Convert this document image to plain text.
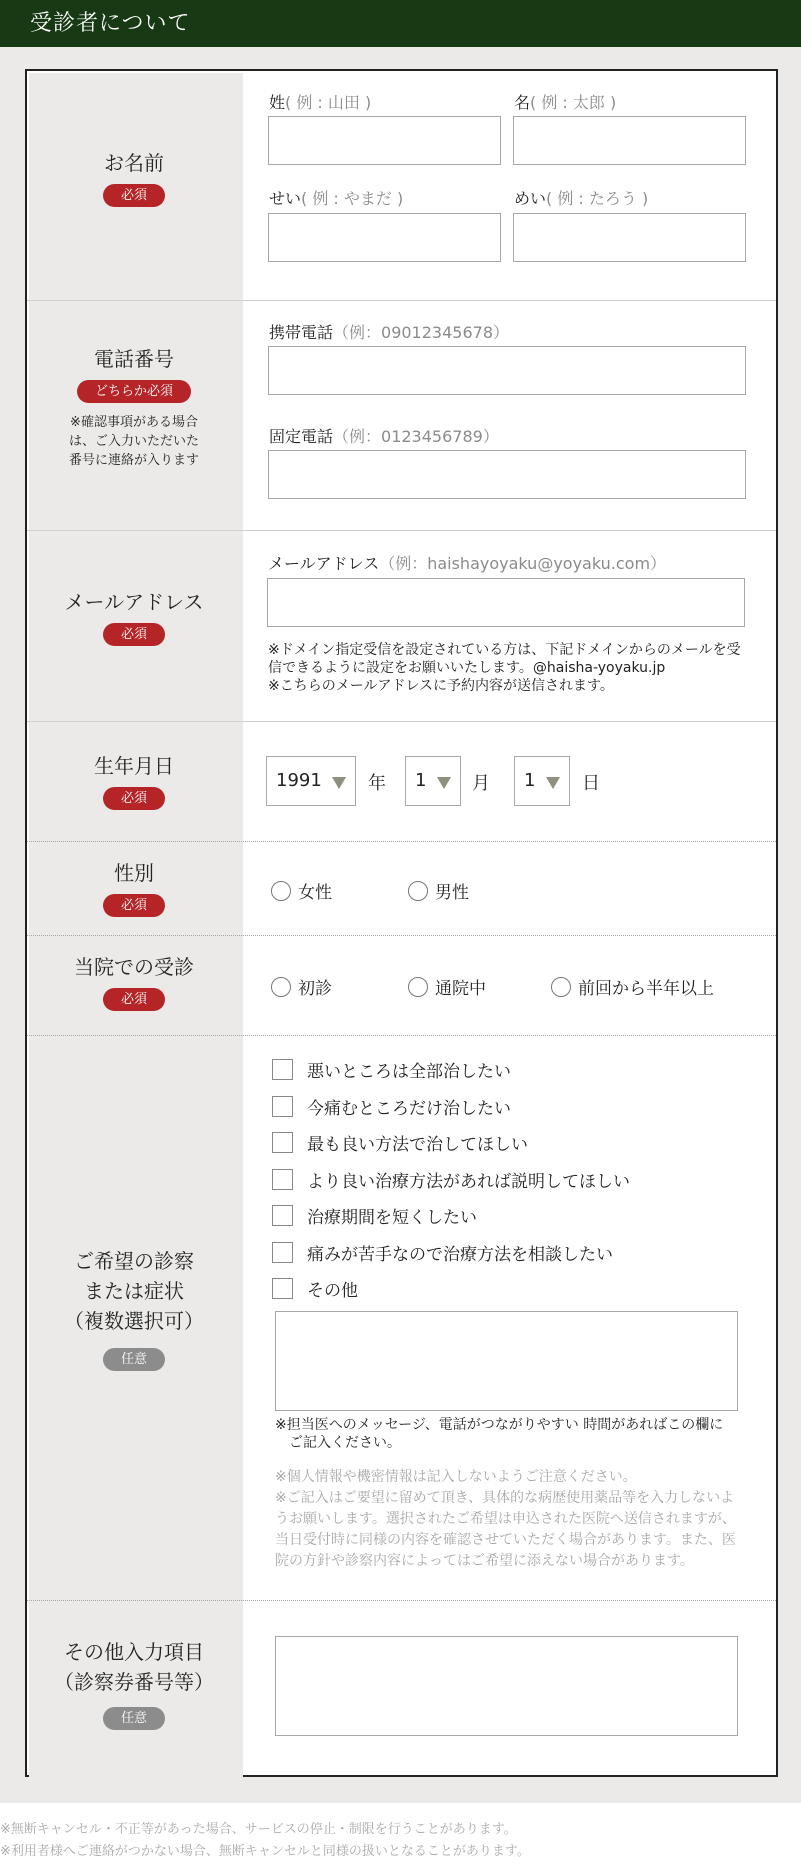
受診者について
お名前
必須
姓( 例 : 山田 )	名( 例 : 太郎 )
せい( 例 : やまだ )	めい( 例 : たろう )
電話番号
どちらか必須
※確認事項がある場合
は、ご入力いただいた
番号に連絡が入ります
携帯電話（例：09012345678）
固定電話（例：0123456789）
メールアドレス
必須
メールアドレス（例：haishayoyaku@yoyaku.com）
※ドメイン指定受信を設定されている方は、下記ドメインからのメールを受
信できるように設定をお願いいたします。@haisha-yoyaku.jp
※こちらのメールアドレスに予約内容が送信されます。
生年月日
必須
1991	年 1	月 1	日
性別
必須
女性	男性
当院での受診
必須
初診	通院中	前回から半年以上
ご希望の診察
または症状
（複数選択可）
任意
悪いところは全部治したい
今痛むところだけ治したい
最も良い方法で治してほしい
より良い治療方法があれば説明してほしい
治療期間を短くしたい
痛みが苦手なので治療方法を相談したい
その他
※担当医へのメッセージ、電話がつながりやすい 時間があればこの欄に
　ご記入ください。
※個人情報や機密情報は記入しないようご注意ください。
※ご記入はご要望に留めて頂き、具体的な病歴使用薬品等を入力しないよ
うお願いします。選択されたご希望は申込された医院へ送信されますが、
当日受付時に同様の内容を確認させていただく場合があります。また、医
院の方針や診察内容によってはご希望に添えない場合があります。
その他入力項目
（診察券番号等）
任意
※無断キャンセル・不正等があった場合、サービスの停止・制限を行うことがあります。
※利用者様へご連絡がつかない場合、無断キャンセルと同様の扱いとなることがあります。
